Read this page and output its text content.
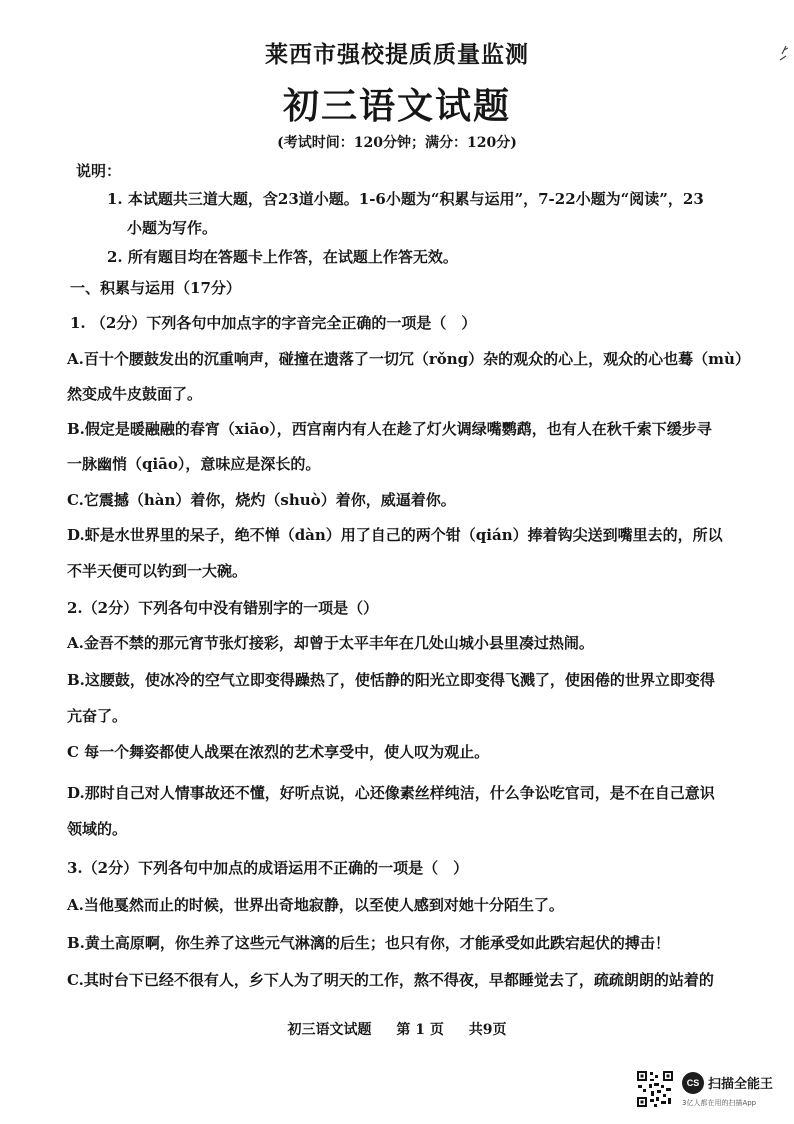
莱西市强校提质质量监测
初三语文试题
(考试时间：120分钟；满分：120分)
说明：
1. 本试题共三道大题，含23道小题。1-6小题为“积累与运用”，7-22小题为“阅读”，23
小题为写作。
2. 所有题目均在答题卡上作答，在试题上作答无效。
一、积累与运用（17分）
1. （2分）下列各句中加点字的字音完全正确的一项是（　）
A.百十个腰鼓发出的沉重响声，碰撞在遗落了一切冗（rǒng）杂的观众的心上，观众的心也蓦（mù）
然变成牛皮鼓面了。
B.假定是暖融融的春宵（xiāo），西宫南内有人在趁了灯火调绿嘴鹦鹉，也有人在秋千索下缓步寻
一脉幽悄（qiāo），意味应是深长的。
C.它震撼（hàn）着你，烧灼（shuò）着你，威逼着你。
D.虾是水世界里的呆子，绝不惮（dàn）用了自己的两个钳（qián）捧着钩尖送到嘴里去的，所以
不半天便可以钓到一大碗。
2.（2分）下列各句中没有错别字的一项是（）
A.金吾不禁的那元宵节张灯接彩，却曾于太平丰年在几处山城小县里凑过热闹。
B.这腰鼓，使冰冷的空气立即变得躁热了，使恬静的阳光立即变得飞溅了，使困倦的世界立即变得
亢奋了。
C 每一个舞姿都使人战栗在浓烈的艺术享受中，使人叹为观止。
D.那时自己对人情事故还不懂，好听点说，心还像素丝样纯洁，什么争讼吃官司，是不在自己意识
领域的。
3.（2分）下列各句中加点的成语运用不正确的一项是（　）
A.当他戛然而止的时候，世界出奇地寂静，以至使人感到对她十分陌生了。
B.黄土高原啊，你生养了这些元气淋漓的后生；也只有你，才能承受如此跌宕起伏的搏击！
C.其时台下已经不很有人，乡下人为了明天的工作，熬不得夜，早都睡觉去了，疏疏朗朗的站着的
初三语文试题 第 1 页 共9页
CS 扫描全能王
3亿人都在用的扫描App
